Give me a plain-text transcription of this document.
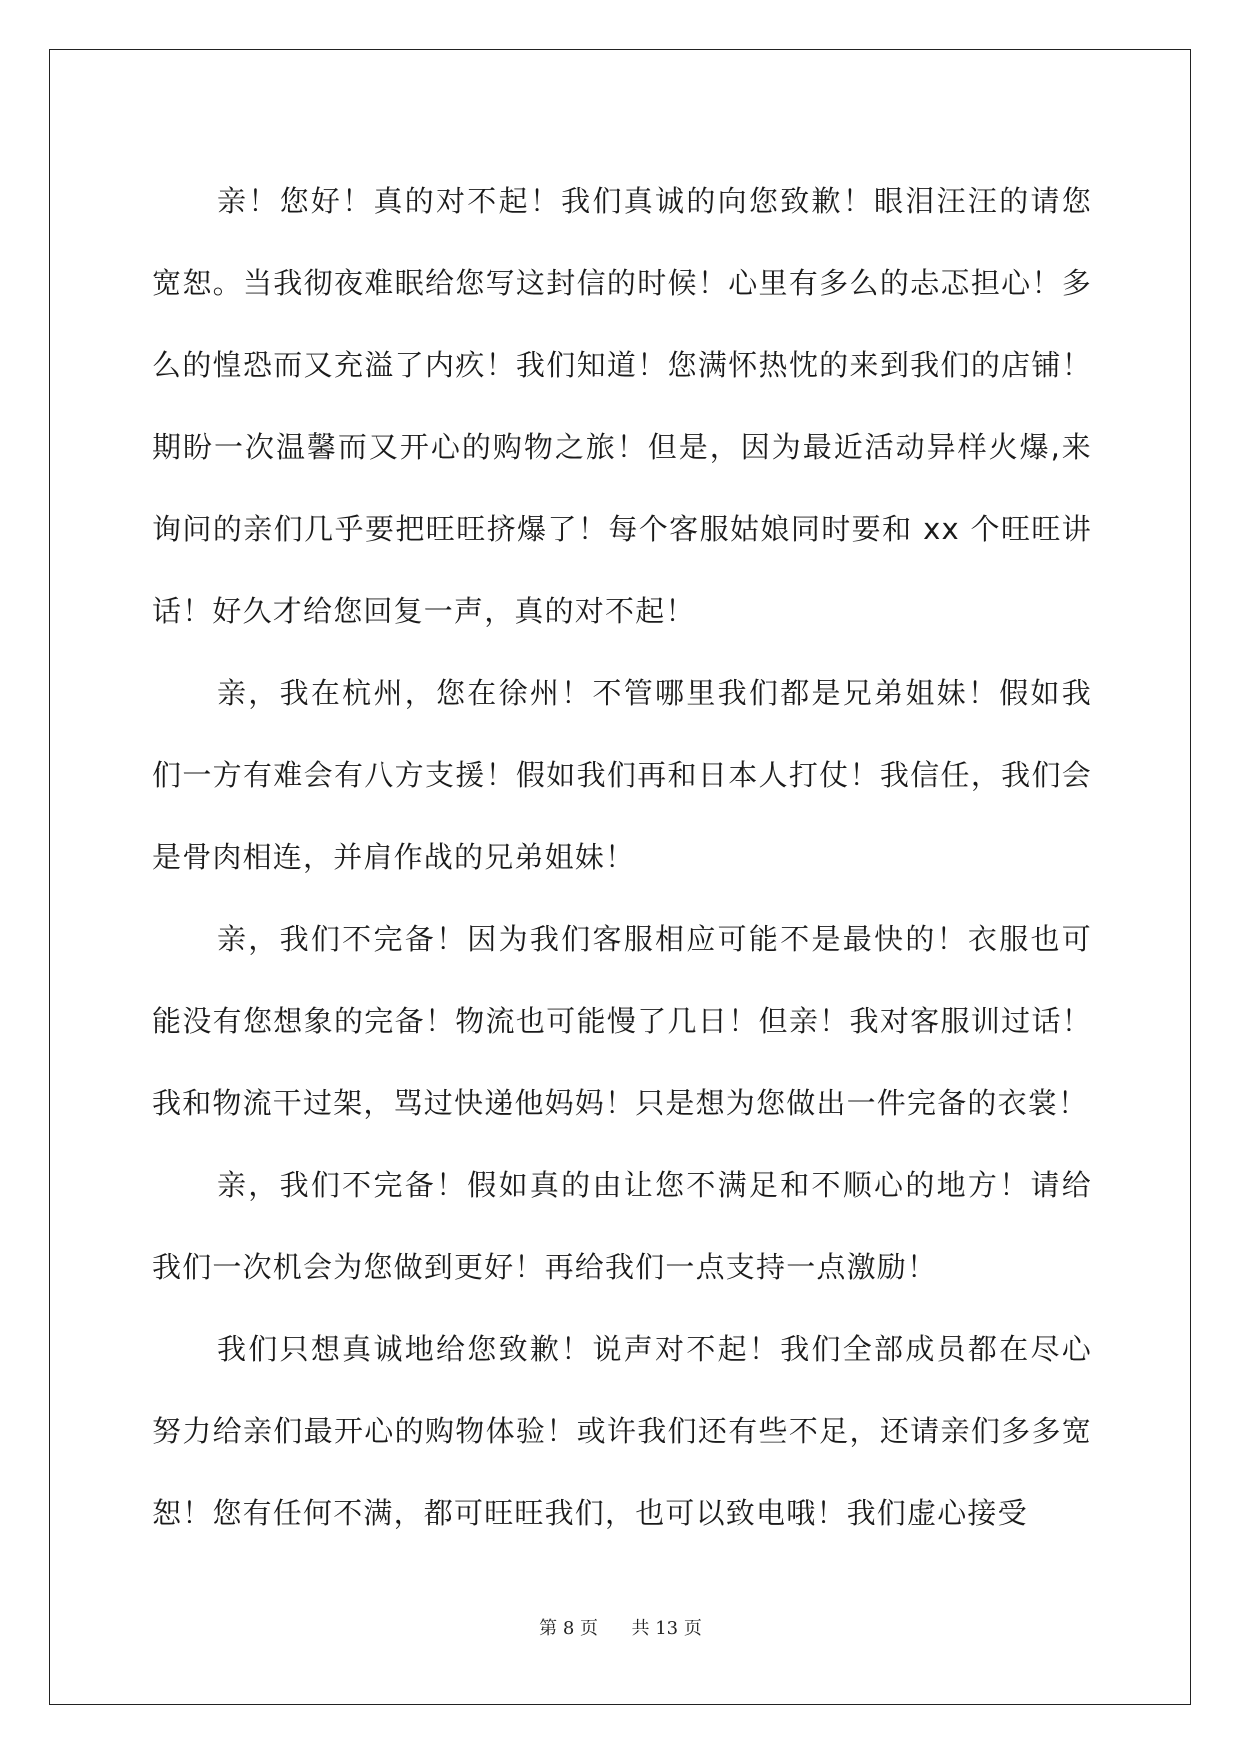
亲！您好！真的对不起！我们真诚的向您致歉！眼泪汪汪的请您宽恕。当我彻夜难眠给您写这封信的时候！心里有多么的忐忑担心！多么的惶恐而又充溢了内疚！我们知道！您满怀热忱的来到我们的店铺！期盼一次温馨而又开心的购物之旅！但是，因为最近活动异样火爆,来询问的亲们几乎要把旺旺挤爆了！每个客服姑娘同时要和 xx 个旺旺讲话！好久才给您回复一声，真的对不起！

亲，我在杭州，您在徐州！不管哪里我们都是兄弟姐妹！假如我们一方有难会有八方支援！假如我们再和日本人打仗！我信任，我们会是骨肉相连，并肩作战的兄弟姐妹！

亲，我们不完备！因为我们客服相应可能不是最快的！衣服也可能没有您想象的完备！物流也可能慢了几日！但亲！我对客服训过话！我和物流干过架，骂过快递他妈妈！只是想为您做出一件完备的衣裳！

亲，我们不完备！假如真的由让您不满足和不顺心的地方！请给我们一次机会为您做到更好！再给我们一点支持一点激励！

我们只想真诚地给您致歉！说声对不起！我们全部成员都在尽心努力给亲们最开心的购物体验！或许我们还有些不足，还请亲们多多宽恕！您有任何不满，都可旺旺我们，也可以致电哦！我们虚心接受

第 8 页 共 13 页
